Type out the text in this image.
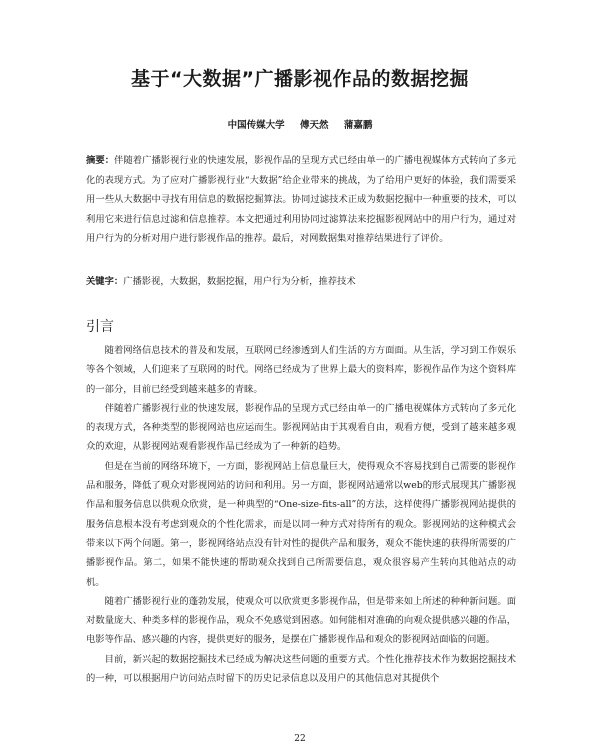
基于“大数据”广播影视作品的数据挖掘
中国传媒大学 傅天然 蒲嘉鹏
摘要：伴随着广播影视行业的快速发展，影视作品的呈现方式已经由单一的广播电视媒体方式转向了多元化的表现方式。为了应对广播影视行业“大数据”给企业带来的挑战，为了给用户更好的体验，我们需要采用一些从大数据中寻找有用信息的数据挖掘算法。协同过滤技术正成为数据挖掘中一种重要的技术，可以利用它来进行信息过滤和信息推荐。本文把通过利用协同过滤算法来挖掘影视网站中的用户行为，通过对用户行为的分析对用户进行影视作品的推荐。最后，对网数据集对推荐结果进行了评价。
关键字：广播影视，大数据，数据挖掘，用户行为分析，推荐技术
引言

随着网络信息技术的普及和发展，互联网已经渗透到人们生活的方方面面。从生活，学习到工作娱乐等各个领域，人们迎来了互联网的时代。网络已经成为了世界上最大的资料库，影视作品作为这个资料库的一部分，目前已经受到越来越多的青睐。

伴随着广播影视行业的快速发展，影视作品的呈现方式已经由单一的广播电视媒体方式转向了多元化的表现方式，各种类型的影视网站也应运而生。影视网站由于其观看自由，观看方便，受到了越来越多观众的欢迎，从影视网站观看影视作品已经成为了一种新的趋势。

但是在当前的网络环境下，一方面，影视网站上信息量巨大，使得观众不容易找到自己需要的影视作品和服务，降低了观众对影视网站的访问和利用。另一方面，影视网站通常以web的形式展现其广播影视作品和服务信息以供观众欣赏，是一种典型的“One-size-fits-all”的方法，这样使得广播影视网站提供的服务信息根本没有考虑到观众的个性化需求，而是以同一种方式对待所有的观众。影视网站的这种模式会带来以下两个问题。第一，影视网络站点没有针对性的提供产品和服务，观众不能快速的获得所需要的广播影视作品。第二，如果不能快速的帮助观众找到自己所需要信息，观众很容易产生转向其他站点的动机。

随着广播影视行业的蓬勃发展，使观众可以欣赏更多影视作品，但是带来如上所述的种种新问题。面对数量庞大、种类多样的影视作品，观众不免感觉到困惑。如何能相对准确的向观众提供感兴趣的作品，电影等作品、感兴趣的内容，提供更好的服务，是摆在广播影视作品和观众的影视网站面临的问题。

目前，新兴起的数据挖掘技术已经成为解决这些问题的重要方式。个性化推荐技术作为数据挖掘技术的一种，可以根据用户访问站点时留下的历史记录信息以及用户的其他信息对其提供个

22
